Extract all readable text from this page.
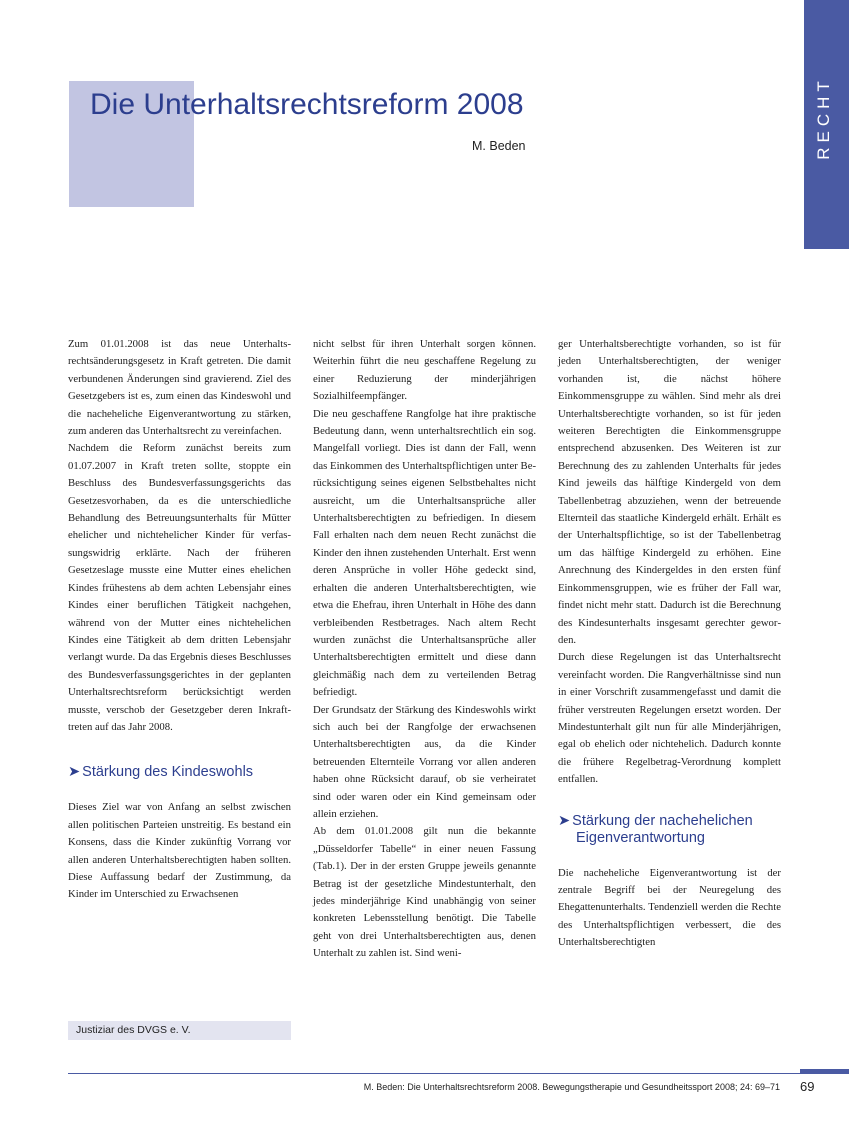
RECHT
Die Unterhaltsrechtsreform 2008
M. Beden

Zum 01.01.2008 ist das neue Unterhaltsrechtsänderungsgesetz in Kraft getreten. Die damit verbundenen Änderungen sind gravierend. Ziel des Gesetzgebers ist es, zum einen das Kindeswohl und die nacheheliche Eigenverantwortung zu stärken, zum anderen das Unterhaltsrecht zu vereinfachen.

Nachdem die Reform zunächst bereits zum 01.07.2007 in Kraft treten sollte, stoppte ein Beschluss des Bundesverfassungsgerichts das Gesetzesvorhaben, da es die unterschiedliche Behandlung des Betreuungsunterhalts für Mütter ehelicher und nichtehelicher Kinder für verfassungswidrig erklärte. Nach der früheren Gesetzeslage musste eine Mutter eines ehelichen Kindes frühestens ab dem achten Lebensjahr eines Kindes einer beruflichen Tätigkeit nachgehen, während von der Mutter eines nichtehelichen Kindes eine Tätigkeit ab dem dritten Lebensjahr verlangt wurde. Da das Ergebnis dieses Beschlusses des Bundesverfassungsgerichtes in der geplanten Unterhaltsrechtsreform berücksichtigt werden musste, verschob der Gesetzgeber deren Inkrafttreten auf das Jahr 2008.

➤ Stärkung des Kindeswohls

Dieses Ziel war von Anfang an selbst zwischen allen politischen Parteien unstreitig. Es bestand ein Konsens, dass die Kinder zukünftig Vorrang vor allen anderen Unterhaltsberechtigten haben sollten. Diese Auffassung bedarf der Zustimmung, da Kinder im Unterschied zu Erwachsenen

nicht selbst für ihren Unterhalt sorgen können. Weiterhin führt die neu geschaffene Regelung zu einer Reduzierung der minderjährigen Sozialhilfeempfänger.

Die neu geschaffene Rangfolge hat ihre praktische Bedeutung dann, wenn unterhaltsrechtlich ein sog. Mangelfall vorliegt. Dies ist dann der Fall, wenn das Einkommen des Unterhaltspflichtigen unter Berücksichtigung seines eigenen Selbstbehaltes nicht ausreicht, um die Unterhaltsansprüche aller Unterhaltsberechtigten zu befriedigen. In diesem Fall erhalten nach dem neuen Recht zunächst die Kinder den ihnen zustehenden Unterhalt. Erst wenn deren Ansprüche in voller Höhe gedeckt sind, erhalten die anderen Unterhaltsberechtigten, wie etwa die Ehefrau, ihren Unterhalt in Höhe des dann verbleibenden Restbetrages. Nach altem Recht wurden zunächst die Unterhaltsansprüche aller Unterhaltsberechtigten ermittelt und diese dann gleichmäßig nach dem zu verteilenden Betrag befriedigt.

Der Grundsatz der Stärkung des Kindeswohls wirkt sich auch bei der Rangfolge der erwachsenen Unterhaltsberechtigten aus, da die Kinder betreuenden Elternteile Vorrang vor allen anderen haben ohne Rücksicht darauf, ob sie verheiratet sind oder waren oder ein Kind gemeinsam oder allein erziehen.

Ab dem 01.01.2008 gilt nun die bekannte „Düsseldorfer Tabelle“ in einer neuen Fassung (Tab.1). Der in der ersten Gruppe jeweils genannte Betrag ist der gesetzliche Mindestunterhalt, den jedes minderjährige Kind unabhängig von seiner konkreten Lebensstellung benötigt. Die Tabelle geht von drei Unterhaltsberechtigten aus, denen Unterhalt zu zahlen ist. Sind weni-

ger Unterhaltsberechtigte vorhanden, so ist für jeden Unterhaltsberechtigten, der weniger vorhanden ist, die nächst höhere Einkommensgruppe zu wählen. Sind mehr als drei Unterhaltsberechtigte vorhanden, so ist für jeden weiteren Berechtigten die Einkommensgruppe entsprechend abzusenken. Des Weiteren ist zur Berechnung des zu zahlenden Unterhalts für jedes Kind jeweils das hälftige Kindergeld von dem Tabellenbetrag abzuziehen, wenn der betreuende Elternteil das staatliche Kindergeld erhält. Erhält es der Unterhaltspflichtige, so ist der Tabellenbetrag um das hälftige Kindergeld zu erhöhen. Eine Anrechnung des Kindergeldes in den ersten fünf Einkommensgruppen, wie es früher der Fall war, findet nicht mehr statt. Dadurch ist die Berechnung des Kindesunterhalts insgesamt gerechter geworden.

Durch diese Regelungen ist das Unterhaltsrecht vereinfacht worden. Die Rangverhältnisse sind nun in einer Vorschrift zusammengefasst und damit die früher verstreuten Regelungen ersetzt worden. Der Mindestunterhalt gilt nun für alle Minderjährigen, egal ob ehelich oder nichtehelich. Dadurch konnte die frühere Regelbetrag-Verordnung komplett entfallen.

➤ Stärkung der nachehelichen
Eigenverantwortung

Die nacheheliche Eigenverantwortung ist der zentrale Begriff bei der Neuregelung des Ehegattenunterhalts. Tendenziell werden die Rechte des Unterhaltspflichtigen verbessert, die des Unterhaltsberechtigten

Justiziar des DVGS e. V.
M. Beden: Die Unterhaltsrechtsreform 2008. Bewegungstherapie und Gesundheitssport 2008; 24: 69–71 69
